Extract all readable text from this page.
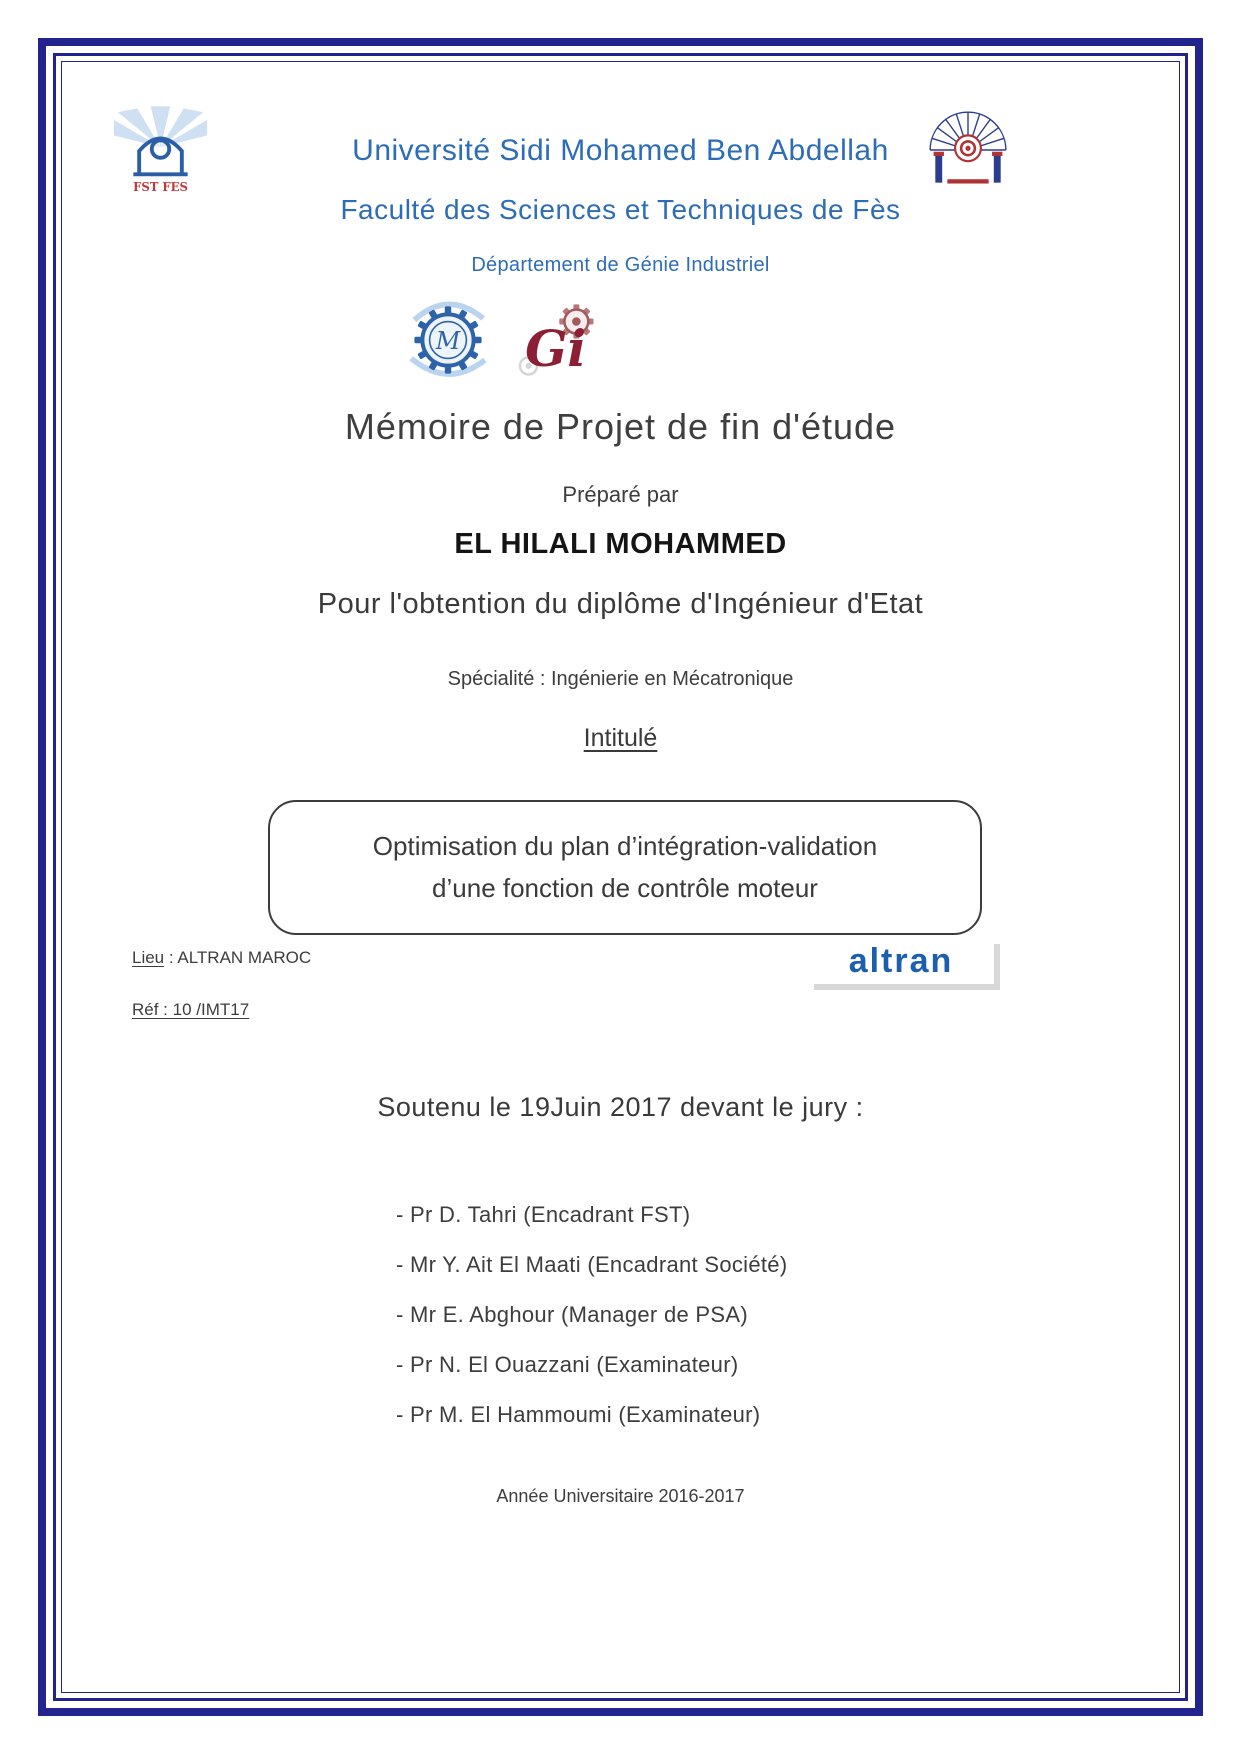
FST FES
Université Sidi Mohamed Ben Abdellah
Faculté des Sciences et Techniques de Fès
Département de Génie Industriel
M Gi
Mémoire de Projet de fin d'étude
Préparé par
EL HILALI MOHAMMED
Pour l'obtention du diplôme d'Ingénieur d'Etat
Spécialité : Ingénierie en Mécatronique
Intitulé
Optimisation du plan d’intégration-validation
d’une fonction de contrôle moteur
Lieu : ALTRAN MAROC	altran
Réf : 10 /IMT17
Soutenu le 19Juin 2017 devant le jury :
- Pr D. Tahri (Encadrant FST)
- Mr Y. Ait El Maati (Encadrant Société)
- Mr E. Abghour (Manager de PSA)
- Pr N. El Ouazzani (Examinateur)
- Pr M. El Hammoumi (Examinateur)
Année Universitaire 2016-2017
